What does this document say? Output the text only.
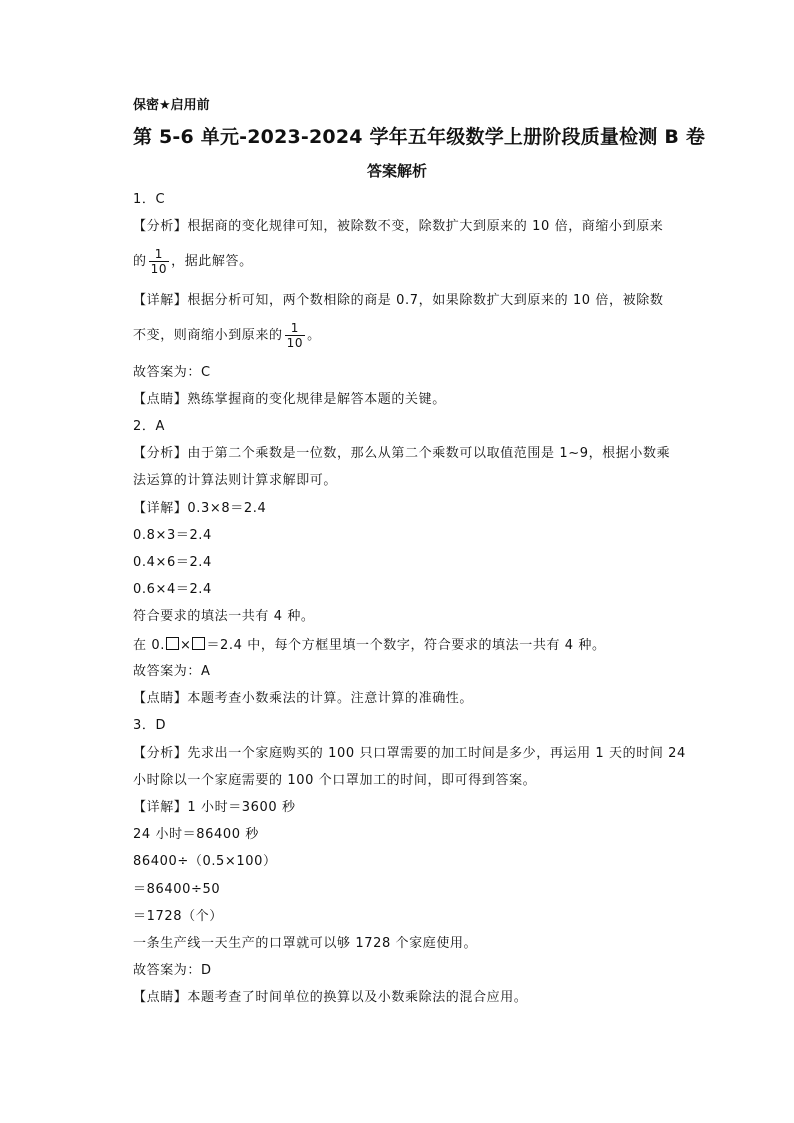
保密★启用前
第 5-6 单元-2023-2024 学年五年级数学上册阶段质量检测 B 卷
答案解析
1．C
【分析】根据商的变化规律可知，被除数不变，除数扩大到原来的 10 倍，商缩小到原来
的 $\frac{1}{10}$ ，据此解答。
【详解】根据分析可知，两个数相除的商是 0.7，如果除数扩大到原来的 10 倍，被除数
不变，则商缩小到原来的 $\frac{1}{10}$ 。
故答案为：C
【点睛】熟练掌握商的变化规律是解答本题的关键。
2．A
【分析】由于第二个乘数是一位数，那么从第二个乘数可以取值范围是 1~9，根据小数乘
法运算的计算法则计算求解即可。
【详解】0.3×8＝2.4
0.8×3＝2.4
0.4×6＝2.4
0.6×4＝2.4
符合要求的填法一共有 4 种。
在 0. × ＝2.4 中，每个方框里填一个数字，符合要求的填法一共有 4 种。
故答案为：A
【点睛】本题考查小数乘法的计算。注意计算的准确性。
3．D
【分析】先求出一个家庭购买的 100 只口罩需要的加工时间是多少，再运用 1 天的时间 24
小时除以一个家庭需要的 100 个口罩加工的时间，即可得到答案。
【详解】1 小时＝3600 秒
24 小时＝86400 秒
86400÷（0.5×100）
＝86400÷50
＝1728（个）
一条生产线一天生产的口罩就可以够 1728 个家庭使用。
故答案为：D
【点睛】本题考查了时间单位的换算以及小数乘除法的混合应用。
